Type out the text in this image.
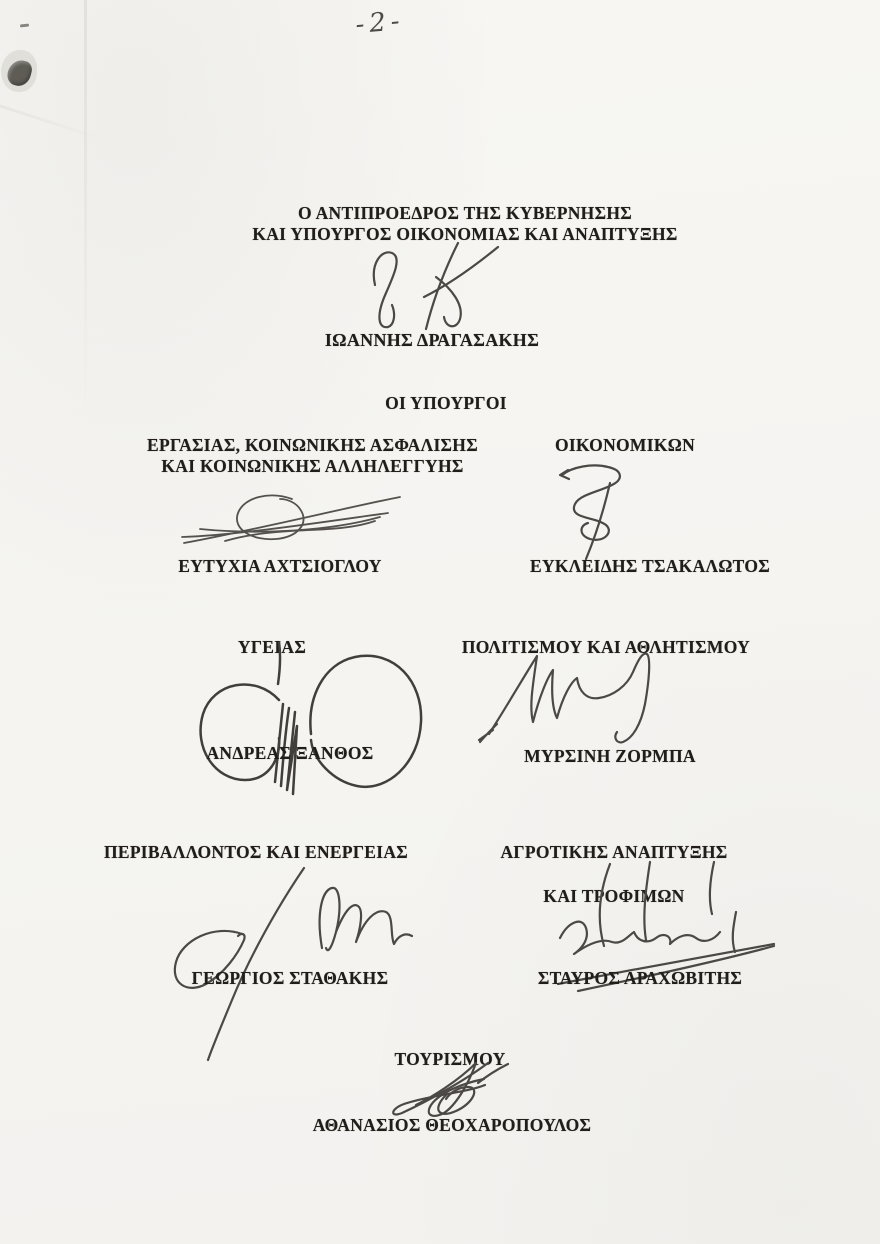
-2-
Ο ΑΝΤΙΠΡΟΕΔΡΟΣ ΤΗΣ ΚΥΒΕΡΝΗΣΗΣ
ΚΑΙ ΥΠΟΥΡΓΟΣ ΟΙΚΟΝΟΜΙΑΣ ΚΑΙ ΑΝΑΠΤΥΞΗΣ
ΙΩΑΝΝΗΣ ΔΡΑΓΑΣΑΚΗΣ
ΟΙ ΥΠΟΥΡΓΟΙ
ΕΡΓΑΣΙΑΣ, ΚΟΙΝΩΝΙΚΗΣ ΑΣΦΑΛΙΣΗΣ
ΚΑΙ ΚΟΙΝΩΝΙΚΗΣ ΑΛΛΗΛΕΓΓΥΗΣ
ΟΙΚΟΝΟΜΙΚΩΝ
ΕΥΤΥΧΙΑ ΑΧΤΣΙΟΓΛΟΥ	ΕΥΚΛΕΙΔΗΣ ΤΣΑΚΑΛΩΤΟΣ
ΥΓΕΙΑΣ	ΠΟΛΙΤΙΣΜΟΥ ΚΑΙ ΑΘΛΗΤΙΣΜΟΥ
ΑΝΔΡΕΑΣ ΞΑΝΘΟΣ	ΜΥΡΣΙΝΗ ΖΟΡΜΠΑ
ΠΕΡΙΒΑΛΛΟΝΤΟΣ ΚΑΙ ΕΝΕΡΓΕΙΑΣ	ΑΓΡΟΤΙΚΗΣ ΑΝΑΠΤΥΞΗΣ
ΚΑΙ ΤΡΟΦΙΜΩΝ
ΓΕΩΡΓΙΟΣ ΣΤΑΘΑΚΗΣ	ΣΤΑΥΡΟΣ ΑΡΑΧΩΒΙΤΗΣ
ΤΟΥΡΙΣΜΟΥ
ΑΘΑΝΑΣΙΟΣ ΘΕΟΧΑΡΟΠΟΥΛΟΣ
